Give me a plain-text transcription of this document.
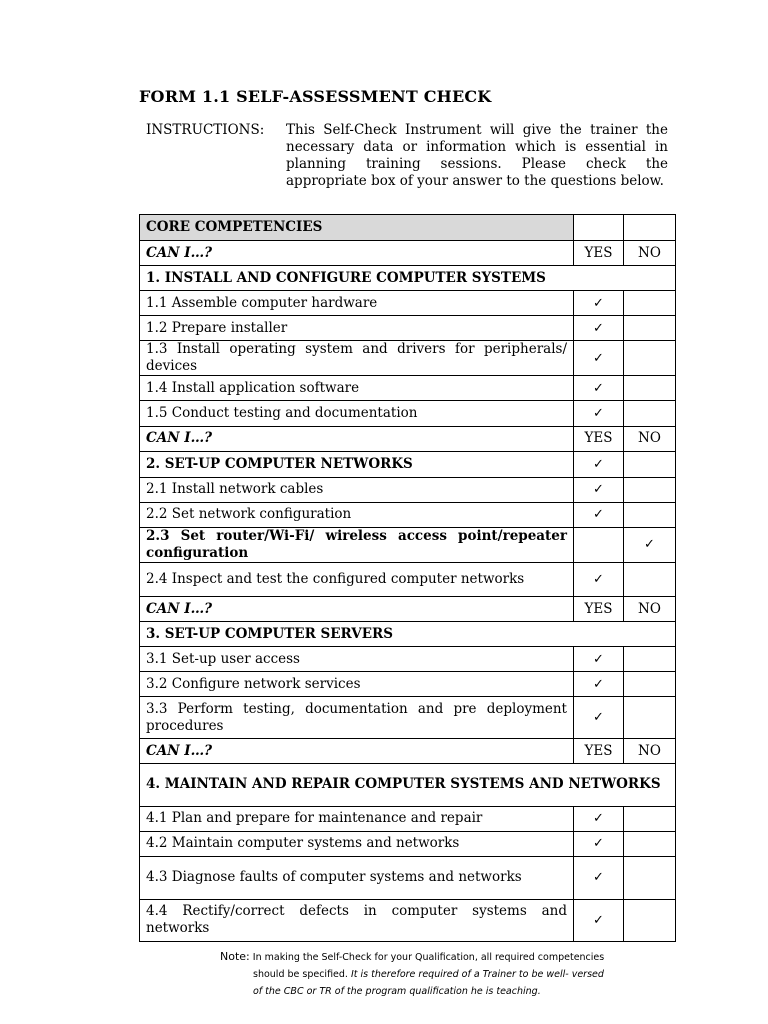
FORM 1.1 SELF-ASSESSMENT CHECK
INSTRUCTIONS: This Self-Check Instrument will give the trainer the necessary data or information which is essential in planning training sessions. Please check the appropriate box of your answer to the questions below.
CORE COMPETENCIES		
CAN I…?	YES	NO
1. INSTALL AND CONFIGURE COMPUTER SYSTEMS		
1.1 Assemble computer hardware	✓	
1.2 Prepare installer	✓	
1.3 Install operating system and drivers for peripherals/ devices	✓	
1.4 Install application software	✓	
1.5 Conduct testing and documentation	✓	
CAN I…?	YES	NO
2. SET-UP COMPUTER NETWORKS	✓	
2.1 Install network cables	✓	
2.2 Set network configuration	✓	
2.3 Set router/Wi-Fi/ wireless access point/repeater configuration		✓
2.4 Inspect and test the configured computer networks	✓	
CAN I…?	YES	NO
3. SET-UP COMPUTER SERVERS		
3.1 Set-up user access	✓	
3.2 Configure network services	✓	
3.3 Perform testing, documentation and pre deployment procedures	✓	
CAN I…?	YES	NO
4. MAINTAIN AND REPAIR COMPUTER SYSTEMS AND NETWORKS		
4.1 Plan and prepare for maintenance and repair	✓	
4.2 Maintain computer systems and networks	✓	
4.3 Diagnose faults of computer systems and networks	✓	
4.4 Rectify/correct defects in computer systems and networks	✓	
Note: In making the Self-Check for your Qualification, all required competencies
should be specified. It is therefore required of a Trainer to be well- versed
of the CBC or TR of the program qualification he is teaching.
